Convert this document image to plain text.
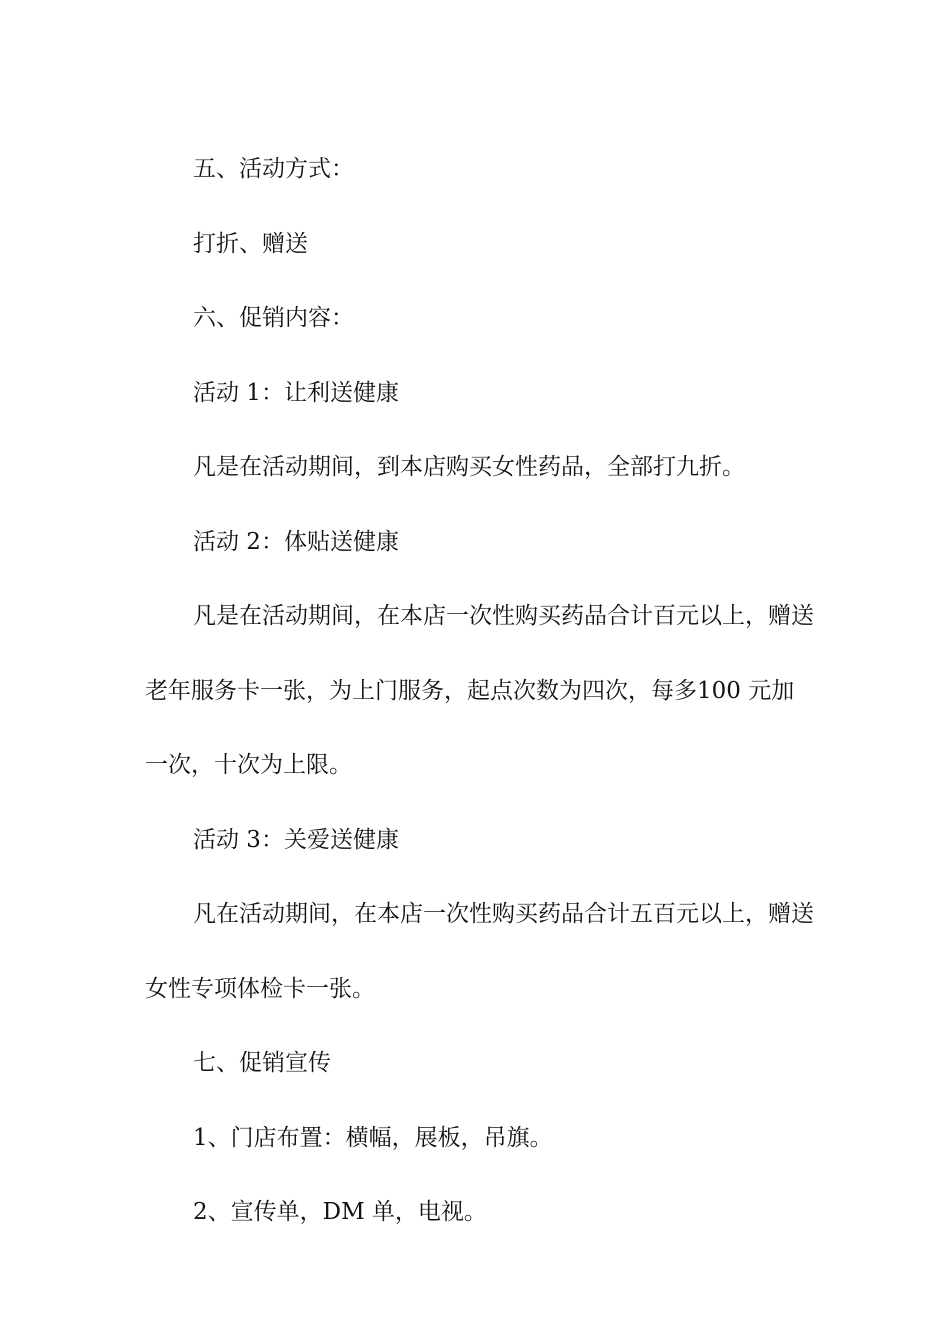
五、活动方式：

打折、赠送

六、促销内容：

活动 1：让利送健康

凡是在活动期间，到本店购买女性药品，全部打九折。

活动 2：体贴送健康

凡是在活动期间，在本店一次性购买药品合计百元以上，赠送老年服务卡一张，为上门服务，起点次数为四次，每多100 元加一次，十次为上限。

活动 3：关爱送健康

凡在活动期间，在本店一次性购买药品合计五百元以上，赠送女性专项体检卡一张。

七、促销宣传

1、门店布置：横幅，展板，吊旗。

2、宣传单，DM 单，电视。
